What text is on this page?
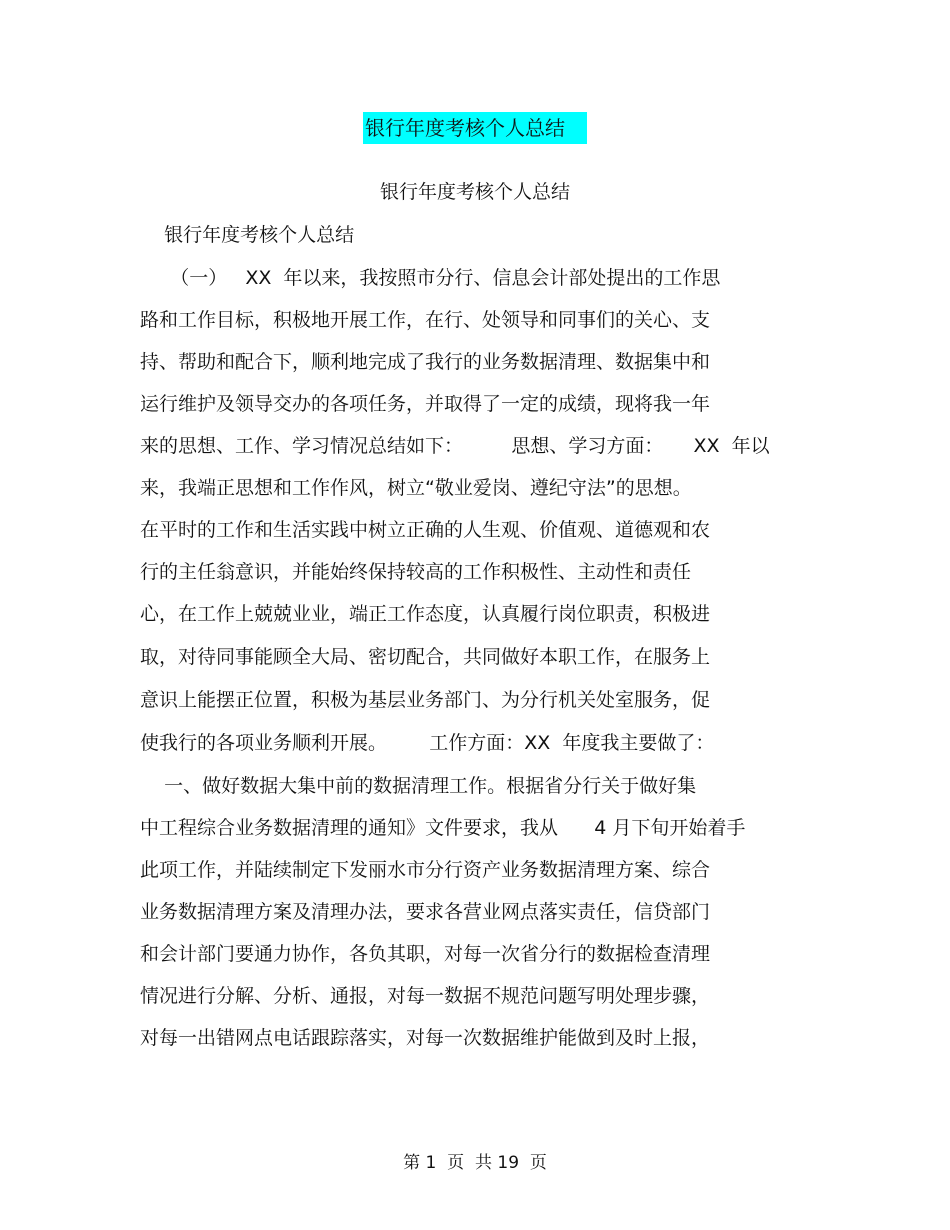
银行年度考核个人总结
银行年度考核个人总结
银行年度考核个人总结
（一）   XX  年以来，我按照市分行、信息会计部处提出的工作思
路和工作目标，积极地开展工作，在行、处领导和同事们的关心、支
持、帮助和配合下，顺利地完成了我行的业务数据清理、数据集中和
运行维护及领导交办的各项任务，并取得了一定的成绩，现将我一年
来的思想、工作、学习情况总结如下：        思想、学习方面：     XX  年以
来，我端正思想和工作作风，树立“敬业爱岗、遵纪守法”的思想。
在平时的工作和生活实践中树立正确的人生观、价值观、道德观和农
行的主任翁意识，并能始终保持较高的工作积极性、主动性和责任
心，在工作上兢兢业业，端正工作态度，认真履行岗位职责，积极进
取，对待同事能顾全大局、密切配合，共同做好本职工作，在服务上
意识上能摆正位置，积极为基层业务部门、为分行机关处室服务，促
使我行的各项业务顺利开展。       工作方面：XX  年度我主要做了：
一、做好数据大集中前的数据清理工作。根据省分行关于做好集
中工程综合业务数据清理的通知》文件要求，我从      4 月下旬开始着手
此项工作，并陆续制定下发丽水市分行资产业务数据清理方案、综合
业务数据清理方案及清理办法，要求各营业网点落实责任，信贷部门
和会计部门要通力协作，各负其职，对每一次省分行的数据检查清理
情况进行分解、分析、通报，对每一数据不规范问题写明处理步骤，
对每一出错网点电话跟踪落实，对每一次数据维护能做到及时上报，
第 1  页  共 19  页
